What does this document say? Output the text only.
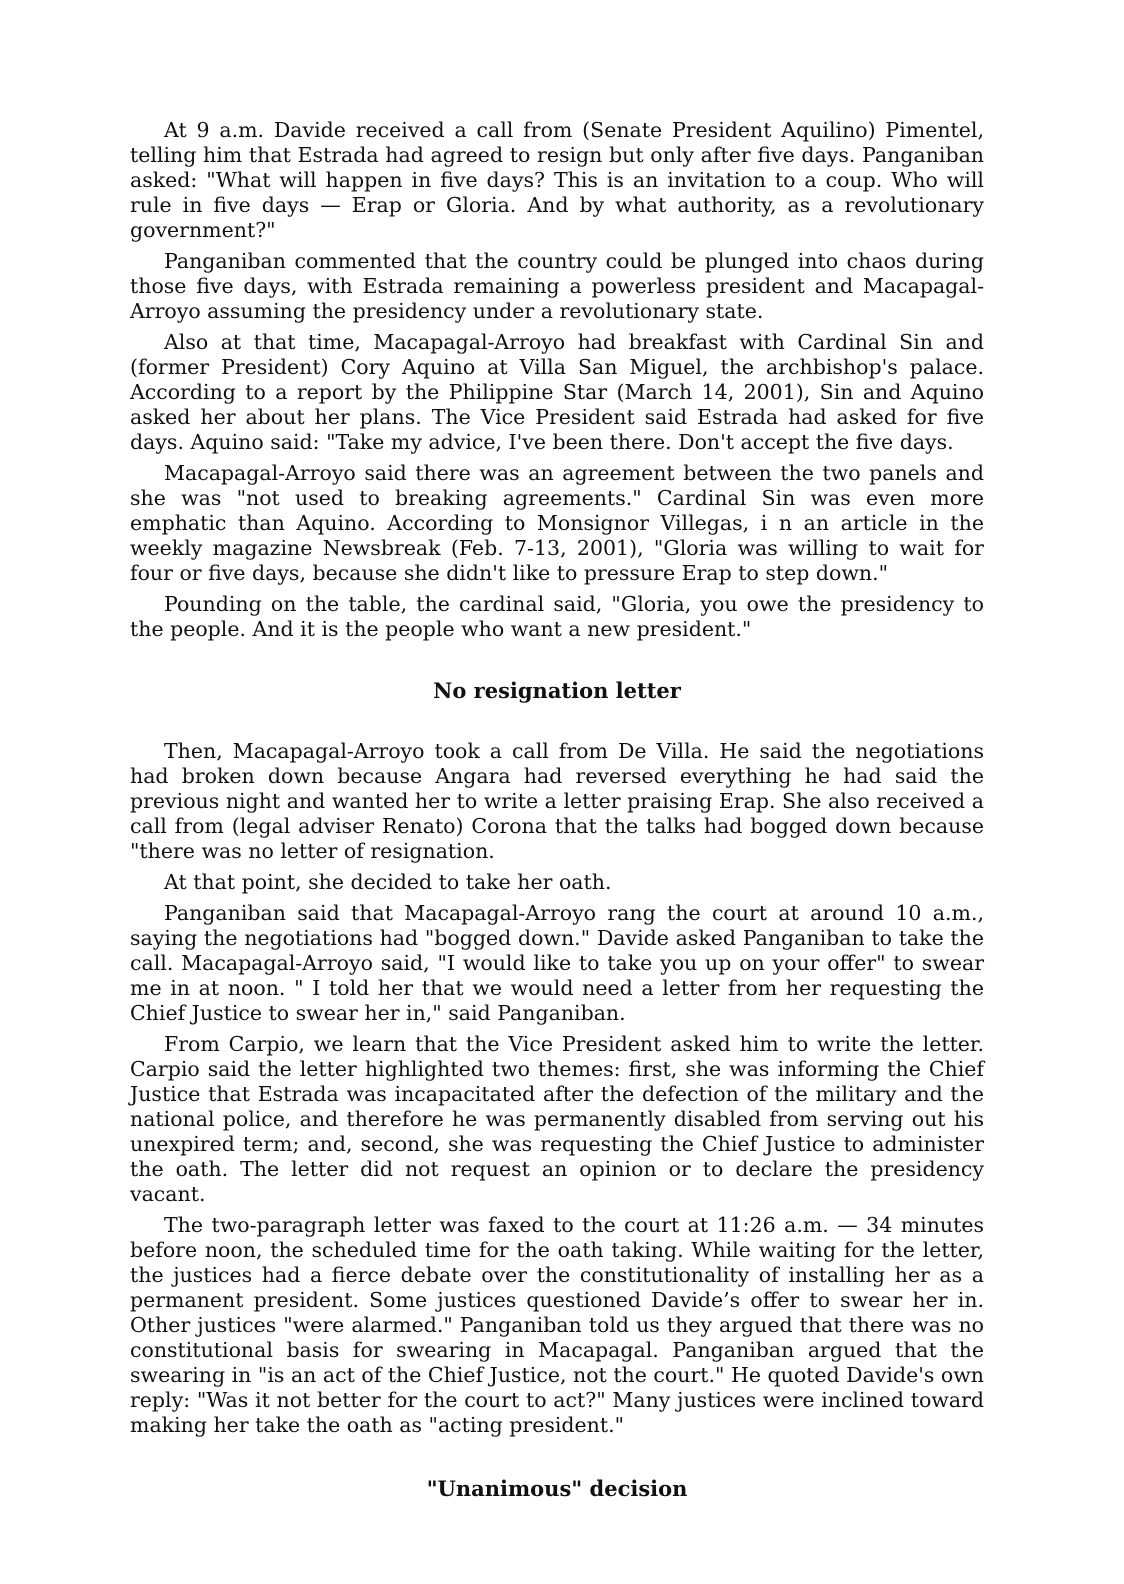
At 9 a.m. Davide received a call from (Senate President Aquilino) Pimentel, telling him that Estrada had agreed to resign but only after five days. Panganiban asked: "What will happen in five days? This is an invitation to a coup. Who will rule in five days — Erap or Gloria. And by what authority, as a revolutionary government?"

Panganiban commented that the country could be plunged into chaos during those five days, with Estrada remaining a powerless president and Macapagal-Arroyo assuming the presidency under a revolutionary state.

Also at that time, Macapagal-Arroyo had breakfast with Cardinal Sin and (former President) Cory Aquino at Villa San Miguel, the archbishop's palace. According to a report by the Philippine Star (March 14, 2001), Sin and Aquino asked her about her plans. The Vice President said Estrada had asked for five days. Aquino said: "Take my advice, I've been there. Don't accept the five days.

Macapagal-Arroyo said there was an agreement between the two panels and she was "not used to breaking agreements." Cardinal Sin was even more emphatic than Aquino. According to Monsignor Villegas, i n an article in the weekly magazine Newsbreak (Feb. 7-13, 2001), "Gloria was willing to wait for four or five days, because she didn't like to pressure Erap to step down."

Pounding on the table, the cardinal said, "Gloria, you owe the presidency to the people. And it is the people who want a new president."

No resignation letter

Then, Macapagal-Arroyo took a call from De Villa. He said the negotiations had broken down because Angara had reversed everything he had said the previous night and wanted her to write a letter praising Erap. She also received a call from (legal adviser Renato) Corona that the talks had bogged down because "there was no letter of resignation.

At that point, she decided to take her oath.

Panganiban said that Macapagal-Arroyo rang the court at around 10 a.m., saying the negotiations had "bogged down." Davide asked Panganiban to take the call. Macapagal-Arroyo said, "I would like to take you up on your offer" to swear me in at noon. " I told her that we would need a letter from her requesting the Chief Justice to swear her in," said Panganiban.

From Carpio, we learn that the Vice President asked him to write the letter. Carpio said the letter highlighted two themes: first, she was informing the Chief Justice that Estrada was incapacitated after the defection of the military and the national police, and therefore he was permanently disabled from serving out his unexpired term; and, second, she was requesting the Chief Justice to administer the oath. The letter did not request an opinion or to declare the presidency vacant.

The two-paragraph letter was faxed to the court at 11:26 a.m. — 34 minutes before noon, the scheduled time for the oath taking. While waiting for the letter, the justices had a fierce debate over the constitutionality of installing her as a permanent president. Some justices questioned Davide’s offer to swear her in. Other justices "were alarmed." Panganiban told us they argued that there was no constitutional basis for swearing in Macapagal. Panganiban argued that the swearing in "is an act of the Chief Justice, not the court." He quoted Davide's own reply: "Was it not better for the court to act?" Many justices were inclined toward making her take the oath as "acting president."

"Unanimous" decision
